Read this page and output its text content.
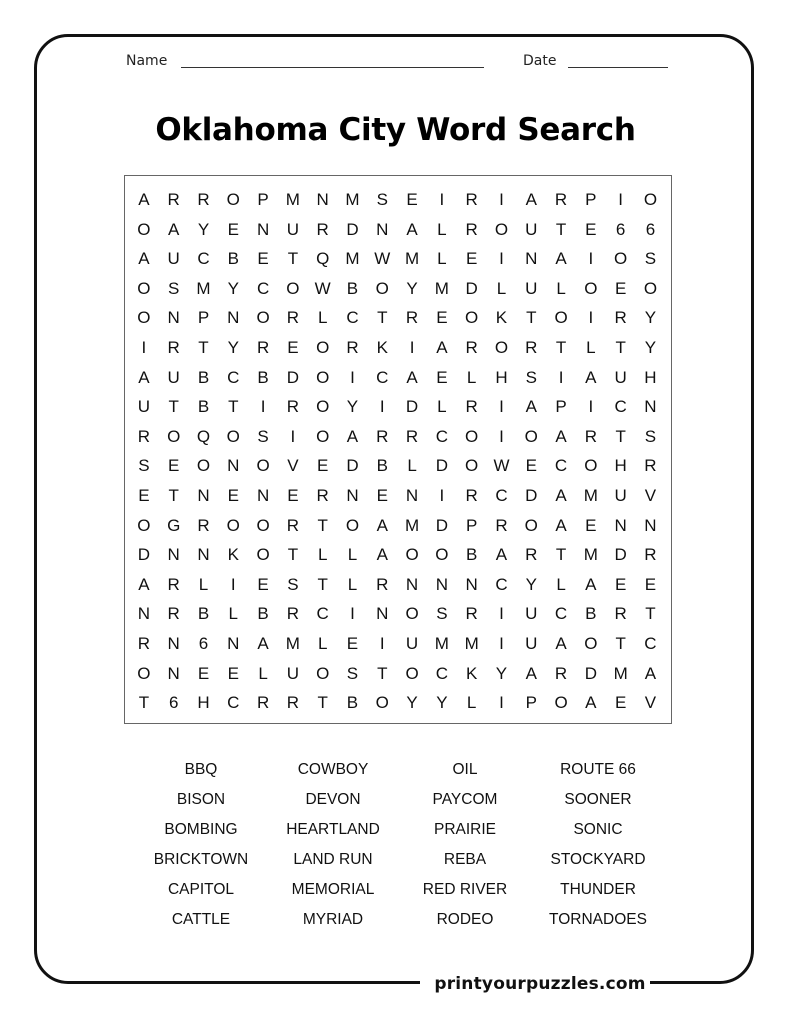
printyourpuzzles.com
Name	Date
Oklahoma City Word Search
A	R	R	O	P	M N M	S	E	I	R	I	A	R	P	I	O
O	A	Y	E	N	U	R	D	N	A	L	R	O	U	T	E	6	6
A	U	C	B	E	T	Q M W M	L	E	I	N	A	I	O	S
O	S	M	Y	C	O W B	O	Y	M D	L	U	L	O	E	O
O	N	P	N	O	R	L	C	T	R	E	O	K	T	O	I	R	Y
I	R	T	Y	R	E	O	R	K	I	A	R	O	R	T	L	T	Y
A	U	B	C	B	D	O	I	C	A	E	L	H	S	I	A	U	H
U	T	B	T	I	R	O	Y	I	D	L	R	I	A	P	I	C	N
R	O Q O	S	I	O	A	R	R	C	O	I	O	A	R	T	S
S	E	O	N	O	V	E	D	B	L	D	O W E	C	O	H	R
E	T	N	E	N	E	R	N	E	N	I	R	C	D	A	M U	V
O G	R	O O	R	T	O	A	M D	P	R	O	A	E	N	N
D	N	N	K	O	T	L	L	A	O O	B	A	R	T	M D	R
A	R	L	I	E	S	T	L	R	N	N	N	C	Y	L	A	E	E
N	R	B	L	B	R	C	I	N	O	S	R	I	U	C	B	R	T
R	N	6	N	A	M	L	E	I	U M M	I	U	A	O	T	C
O	N	E	E	L	U	O	S	T	O	C	K	Y	A	R	D M	A
T	6	H	C	R	R	T	B	O	Y	Y	L	I	P	O	A	E	V
BBQ	COWBOY	OIL	ROUTE 66
BISON	DEVON	PAYCOM	SOONER
BOMBING	HEARTLAND	PRAIRIE	SONIC
BRICKTOWN	LAND RUN	REBA	STOCKYARD
CAPITOL	MEMORIAL	RED RIVER	THUNDER
CATTLE	MYRIAD	RODEO	TORNADOES
